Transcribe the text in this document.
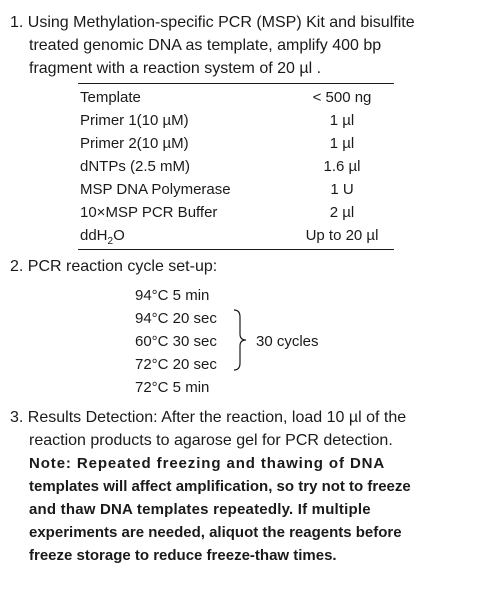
1. Using Methylation-specific PCR (MSP) Kit and bisulfite
treated genomic DNA as template, amplify 400 bp
fragment with a reaction system of 20 µl .
Template	< 500 ng
Primer 1(10 µM)	1 µl
Primer 2(10 µM)	1 µl
dNTPs (2.5 mM)	1.6 µl
MSP DNA Polymerase	1 U
10×MSP PCR Buffer	2 µl
ddH$_2$O	Up to 20 µl
2. PCR reaction cycle set-up:
94°C 5 min
94°C 20 sec
60°C 30 sec
72°C 20 sec
72°C 5 min
30 cycles
3. Results Detection: After the reaction, load 10 µl of the
reaction products to agarose gel for PCR detection.
Note: Repeated freezing and thawing of DNA
templates will affect amplification, so try not to freeze
and thaw DNA templates repeatedly. If multiple
experiments are needed, aliquot the reagents before
freeze storage to reduce freeze-thaw times.
